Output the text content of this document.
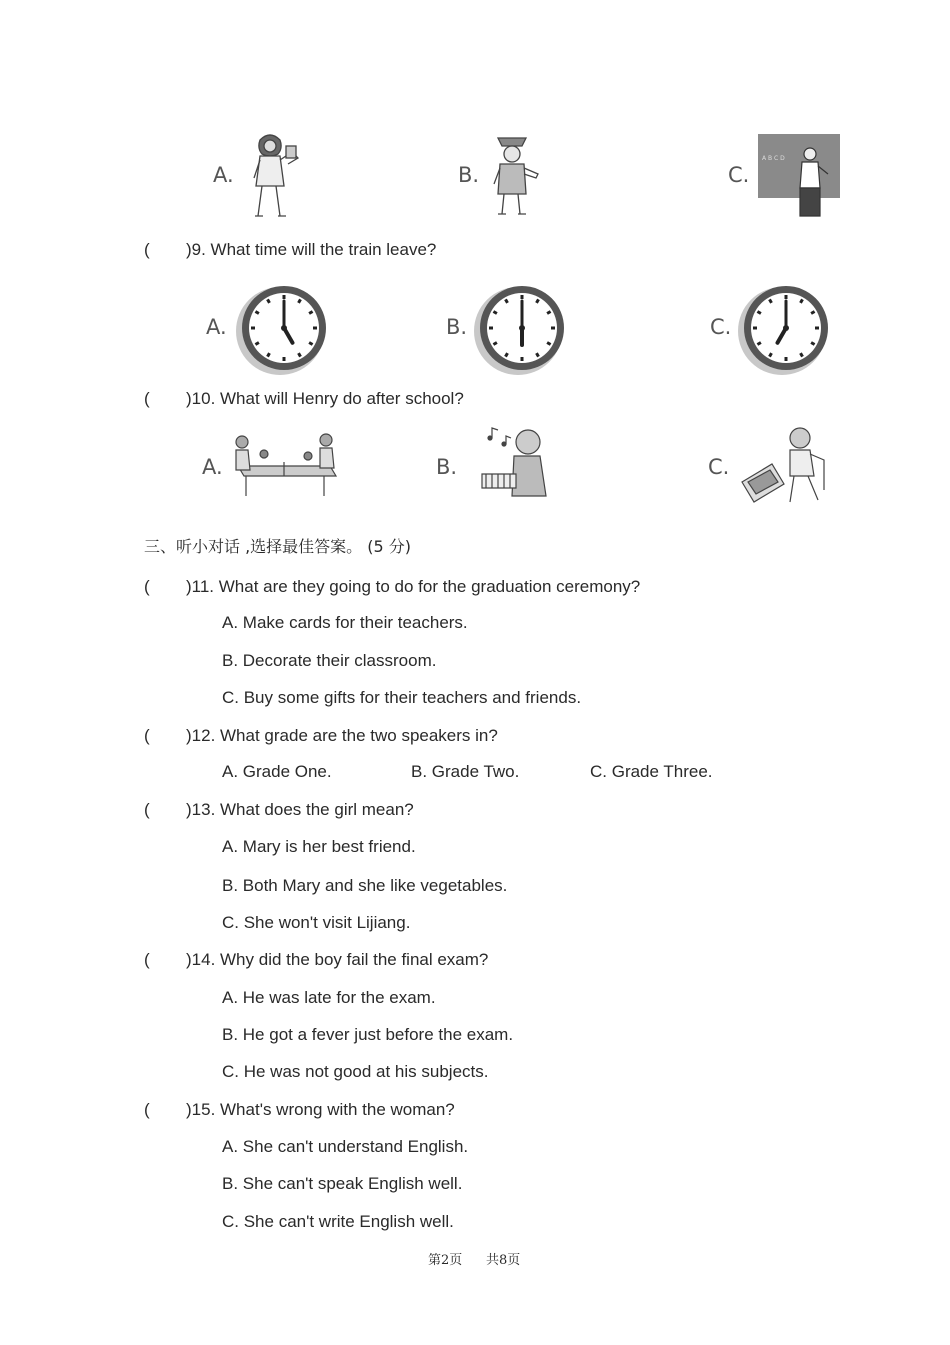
A.	B.	C.
A B C D
( )9. What time will the train leave?
A.	B.	C.
( )10. What will Henry do after school?
A.	B.	C.
三、听小对话 ,选择最佳答案。 (5 分)
( )11. What are they going to do for the graduation ceremony?
A. Make cards for their teachers.
B. Decorate their classroom.
C. Buy some gifts for their teachers and friends.
( )12. What grade are the two speakers in?
A. Grade One.	B. Grade Two.	C. Grade Three.
( )13. What does the girl mean?
A. Mary is her best friend.
B. Both Mary and she like vegetables.
C. She won't visit Lijiang.
( )14. Why did the boy fail the final exam?
A. He was late for the exam.
B. He got a fever just before the exam.
C. He was not good at his subjects.
( )15. What's wrong with the woman?
A. She can't understand English.
B. She can't speak English well.
C. She can't write English well.
第2页 共8页
